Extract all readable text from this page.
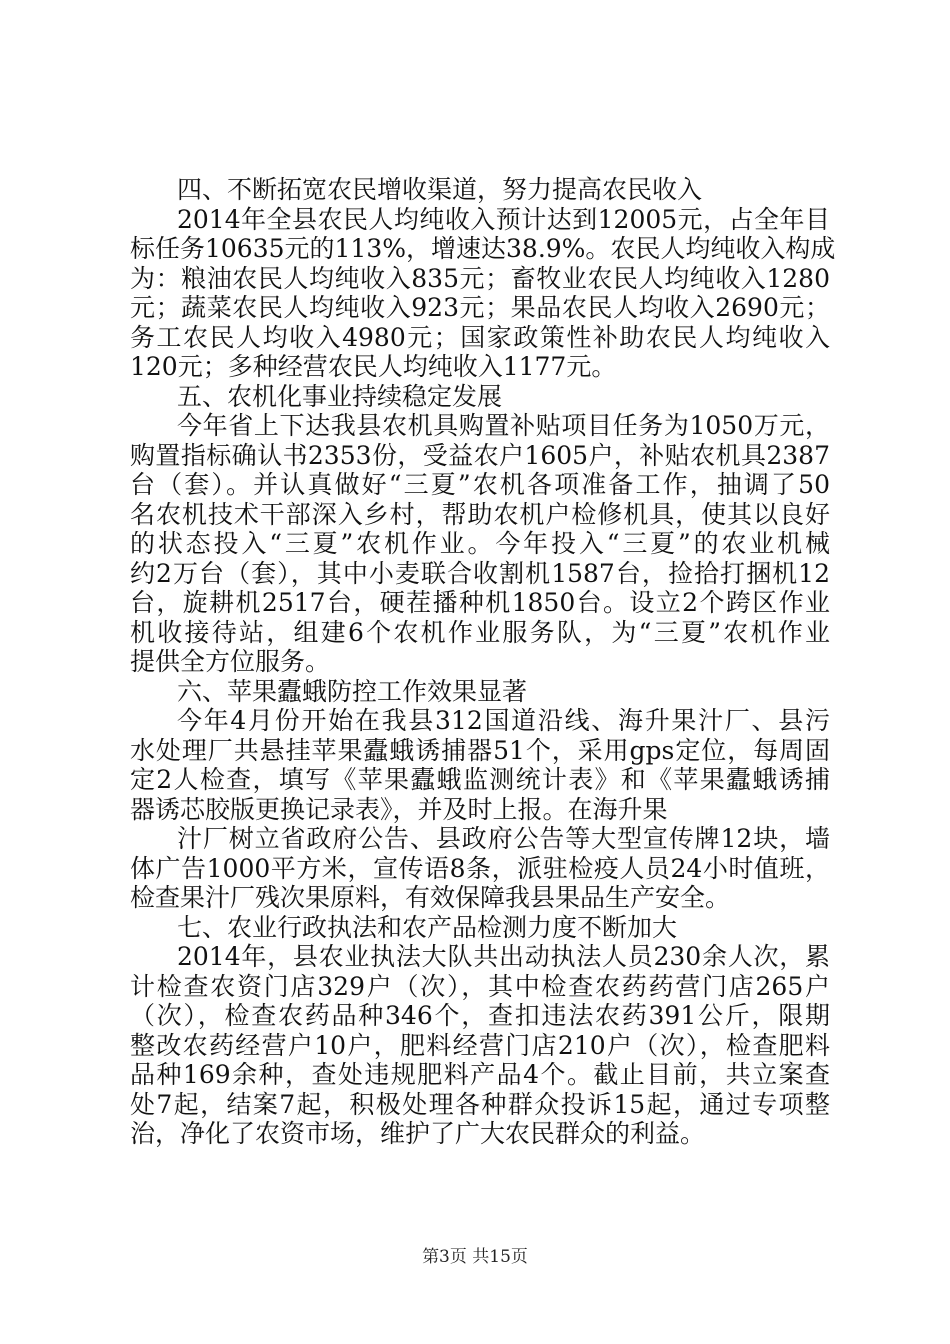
四、不断拓宽农民增收渠道，努力提高农民收入
2014年全县农民人均纯收入预计达到12005元，占全年目
标任务10635元的113%，增速达38.9%。农民人均纯收入构成
为：粮油农民人均纯收入835元；畜牧业农民人均纯收入1280
元；蔬菜农民人均纯收入923元；果品农民人均收入2690元；
务工农民人均收入4980元；国家政策性补助农民人均纯收入
120元；多种经营农民人均纯收入1177元。
五、农机化事业持续稳定发展
今年省上下达我县农机具购置补贴项目任务为1050万元，
购置指标确认书2353份，受益农户1605户，补贴农机具2387
台（套）。并认真做好“三夏”农机各项准备工作，抽调了50
名农机技术干部深入乡村，帮助农机户检修机具，使其以良好
的状态投入“三夏”农机作业。今年投入“三夏”的农业机械
约2万台（套），其中小麦联合收割机1587台，捡拾打捆机12
台，旋耕机2517台，硬茬播种机1850台。设立2个跨区作业
机收接待站，组建6个农机作业服务队，为“三夏”农机作业
提供全方位服务。
六、苹果蠹蛾防控工作效果显著
今年4月份开始在我县312国道沿线、海升果汁厂、县污
水处理厂共悬挂苹果蠹蛾诱捕器51个，采用gps定位，每周固
定2人检查，填写《苹果蠹蛾监测统计表》和《苹果蠹蛾诱捕
器诱芯胶版更换记录表》，并及时上报。在海升果
汁厂树立省政府公告、县政府公告等大型宣传牌12块，墙
体广告1000平方米，宣传语8条，派驻检疫人员24小时值班，
检查果汁厂残次果原料，有效保障我县果品生产安全。
七、农业行政执法和农产品检测力度不断加大
2014年，县农业执法大队共出动执法人员230余人次，累
计检查农资门店329户（次），其中检查农药药营门店265户
（次），检查农药品种346个，查扣违法农药391公斤，限期
整改农药经营户10户，肥料经营门店210户（次），检查肥料
品种169余种，查处违规肥料产品4个。截止目前，共立案查
处7起，结案7起，积极处理各种群众投诉15起，通过专项整
治，净化了农资市场，维护了广大农民群众的利益。
第3页 共15页
